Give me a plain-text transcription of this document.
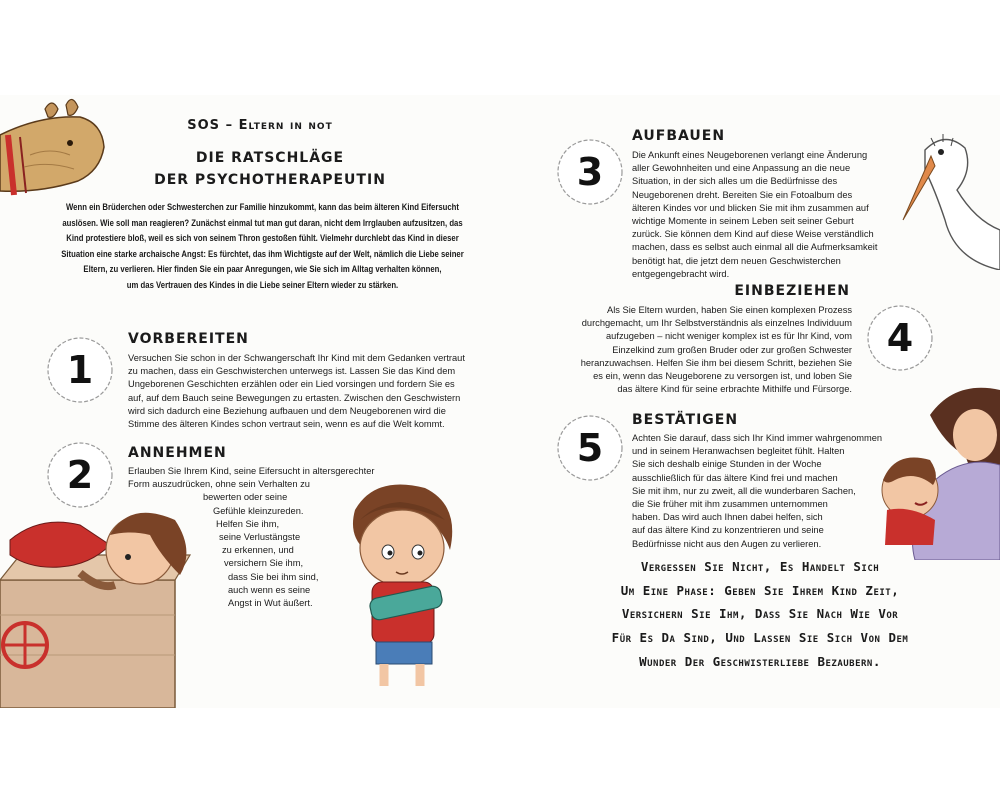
1
2
3
4
5
SOS – Eltern in not
DIE RATSCHLÄGE
DER PSYCHOTHERAPEUTIN
Wenn ein Brüderchen oder Schwesterchen zur Familie hinzukommt, kann das beim älteren Kind Eifersucht
auslösen. Wie soll man reagieren? Zunächst einmal tut man gut daran, nicht dem Irrglauben aufzusitzen, das
Kind protestiere bloß, weil es sich von seinem Thron gestoßen fühlt. Vielmehr durchlebt das Kind in dieser
Situation eine starke archaische Angst: Es fürchtet, das ihm Wichtigste auf der Welt, nämlich die Liebe seiner
Eltern, zu verlieren. Hier finden Sie ein paar Anregungen, wie Sie sich im Alltag verhalten können,
um das Vertrauen des Kindes in die Liebe seiner Eltern wieder zu stärken.
VORBEREITEN
Versuchen Sie schon in der Schwangerschaft Ihr Kind mit dem Gedanken vertraut
zu machen, dass ein Geschwisterchen unterwegs ist. Lassen Sie das Kind dem
Ungeborenen Geschichten erzählen oder ein Lied vorsingen und fordern Sie es
auf, auf dem Bauch seine Bewegungen zu ertasten. Zwischen den Geschwistern
wird sich dadurch eine Beziehung aufbauen und dem Neugeborenen wird die
Stimme des älteren Kindes schon vertraut sein, wenn es auf die Welt kommt.
ANNEHMEN
Erlauben Sie Ihrem Kind, seine Eifersucht in altersgerechter
Form auszudrücken, ohne sein Verhalten zu
bewerten oder seine
Gefühle kleinzureden.
Helfen Sie ihm,
seine Verlustängste
zu erkennen, und
versichern Sie ihm,
dass Sie bei ihm sind,
auch wenn es seine
Angst in Wut äußert.
AUFBAUEN
Die Ankunft eines Neugeborenen verlangt eine Änderung
aller Gewohnheiten und eine Anpassung an die neue
Situation, in der sich alles um die Bedürfnisse des
Neugeborenen dreht. Bereiten Sie ein Fotoalbum des
älteren Kindes vor und blicken Sie mit ihm zusammen auf
wichtige Momente in seinem Leben seit seiner Geburt
zurück. Sie können dem Kind auf diese Weise verständlich
machen, dass es selbst auch einmal all die Aufmerksamkeit
benötigt hat, die jetzt dem neuen Geschwisterchen
entgegengebracht wird.
EINBEZIEHEN
Als Sie Eltern wurden, haben Sie einen komplexen Prozess
durchgemacht, um Ihr Selbstverständnis als einzelnes Individuum
aufzugeben – nicht weniger komplex ist es für Ihr Kind, vom
Einzelkind zum großen Bruder oder zur großen Schwester
heranzuwachsen. Helfen Sie ihm bei diesem Schritt, beziehen Sie
es ein, wenn das Neugeborene zu versorgen ist, und loben Sie
das ältere Kind für seine erbrachte Mithilfe und Fürsorge.
BESTÄTIGEN
Achten Sie darauf, dass sich Ihr Kind immer wahrgenommen
und in seinem Heranwachsen begleitet fühlt. Halten
Sie sich deshalb einige Stunden in der Woche
ausschließlich für das ältere Kind frei und machen
Sie mit ihm, nur zu zweit, all die wunderbaren Sachen,
die Sie früher mit ihm zusammen unternommen
haben. Das wird auch Ihnen dabei helfen, sich
auf das ältere Kind zu konzentrieren und seine
Bedürfnisse nicht aus den Augen zu verlieren.
Vergessen Sie Nicht, Es Handelt Sich
Um Eine Phase: Geben Sie Ihrem Kind Zeit,
Versichern Sie Ihm, Dass Sie Nach Wie Vor
Für Es Da Sind, Und Lassen Sie Sich Von Dem
Wunder Der Geschwisterliebe Bezaubern.
